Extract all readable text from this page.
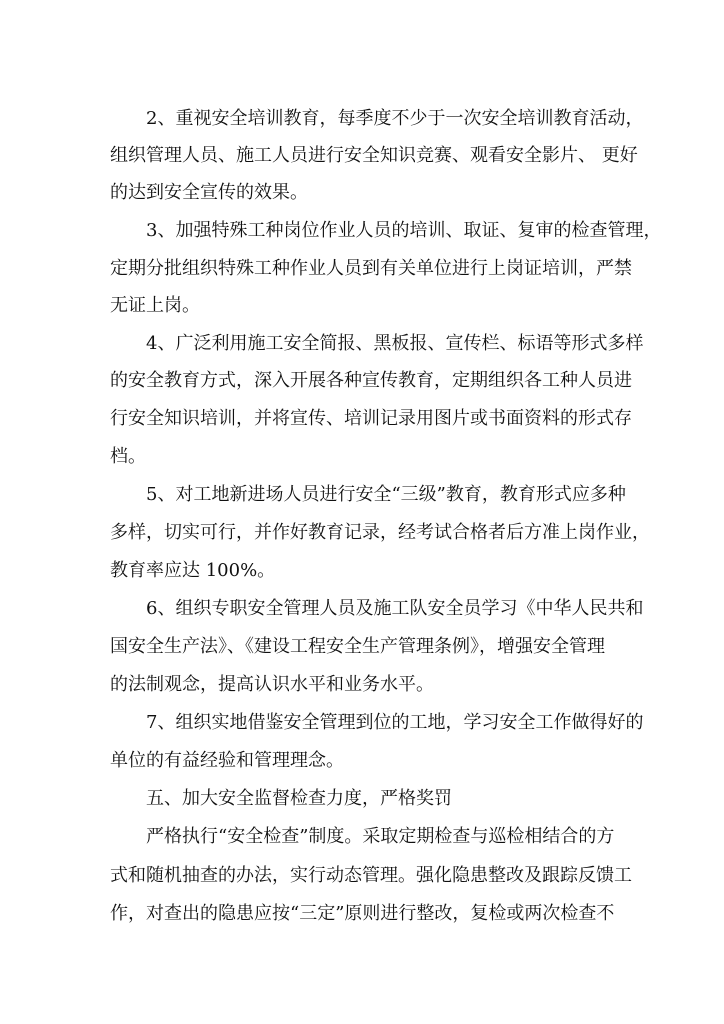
2、重视安全培训教育，每季度不少于一次安全培训教育活动，
组织管理人员、施工人员进行安全知识竞赛、观看安全影片、 更好
的达到安全宣传的效果。
3、加强特殊工种岗位作业人员的培训、取证、复审的检查管理，
定期分批组织特殊工种作业人员到有关单位进行上岗证培训，严禁
无证上岗。
4、广泛利用施工安全简报、黑板报、宣传栏、标语等形式多样
的安全教育方式，深入开展各种宣传教育，定期组织各工种人员进
行安全知识培训，并将宣传、培训记录用图片或书面资料的形式存
档。
5、对工地新进场人员进行安全“三级”教育，教育形式应多种
多样，切实可行，并作好教育记录，经考试合格者后方准上岗作业，
教育率应达 100%。
6、组织专职安全管理人员及施工队安全员学习《中华人民共和
国安全生产法》、《建设工程安全生产管理条例》，增强安全管理
的法制观念，提高认识水平和业务水平。
7、组织实地借鉴安全管理到位的工地，学习安全工作做得好的
单位的有益经验和管理理念。
五、加大安全监督检查力度，严格奖罚
严格执行“安全检查”制度。采取定期检查与巡检相结合的方
式和随机抽查的办法，实行动态管理。强化隐患整改及跟踪反馈工
作，对查出的隐患应按“三定”原则进行整改，复检或两次检查不
